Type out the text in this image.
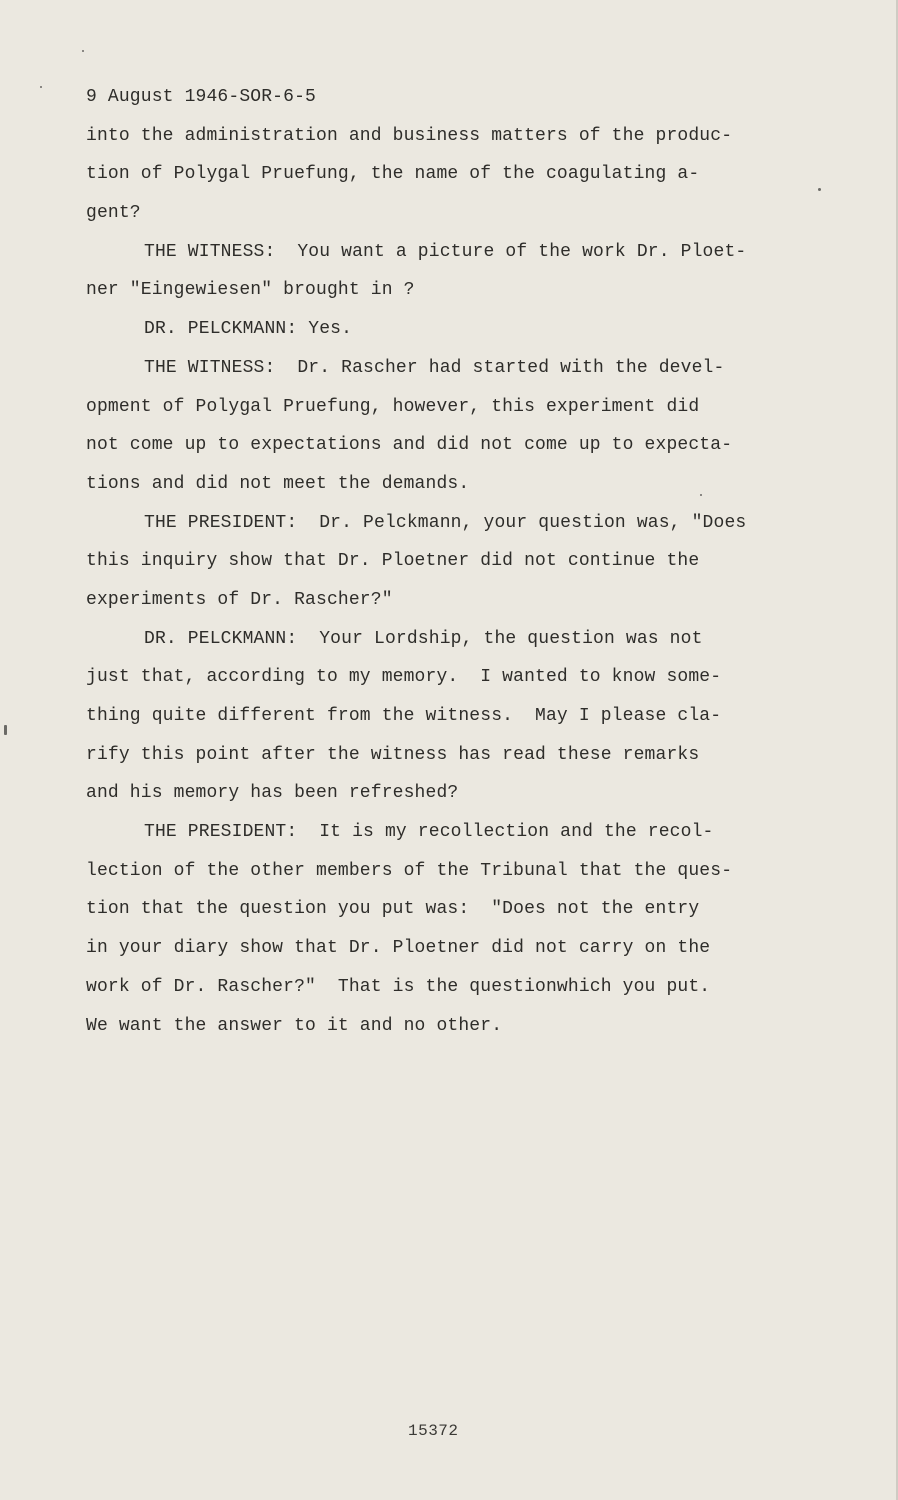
9 August 1946-SOR-6-5
into the administration and business matters of the produc-
tion of Polygal Pruefung, the name of the coagulating a-
gent?
THE WITNESS:  You want a picture of the work Dr. Ploet-
ner "Eingewiesen" brought in ?
DR. PELCKMANN: Yes.
THE WITNESS:  Dr. Rascher had started with the devel-
opment of Polygal Pruefung, however, this experiment did
not come up to expectations and did not come up to expecta-
tions and did not meet the demands.
THE PRESIDENT:  Dr. Pelckmann, your question was, "Does
this inquiry show that Dr. Ploetner did not continue the
experiments of Dr. Rascher?"
DR. PELCKMANN:  Your Lordship, the question was not
just that, according to my memory.  I wanted to know some-
thing quite different from the witness.  May I please cla-
rify this point after the witness has read these remarks
and his memory has been refreshed?
THE PRESIDENT:  It is my recollection and the recol-
lection of the other members of the Tribunal that the ques-
tion that the question you put was:  "Does not the entry
in your diary show that Dr. Ploetner did not carry on the
work of Dr. Rascher?"  That is the questionwhich you put.
We want the answer to it and no other.
15372
